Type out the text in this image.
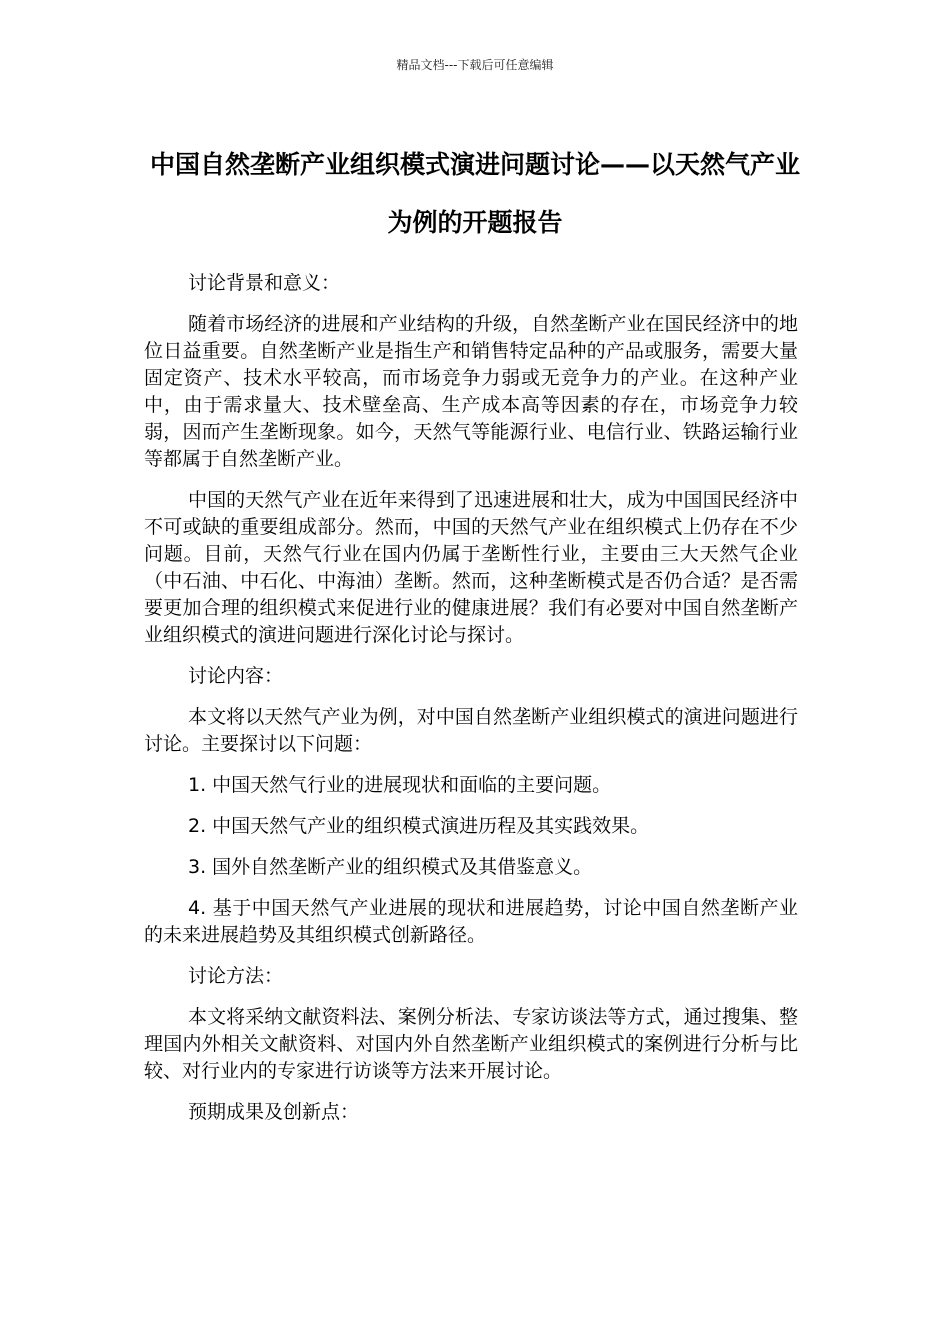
精品文档---下载后可任意编辑
中国自然垄断产业组织模式演进问题讨论——以天然气产业为例的开题报告

讨论背景和意义：

随着市场经济的进展和产业结构的升级，自然垄断产业在国民经济中的地位日益重要。自然垄断产业是指生产和销售特定品种的产品或服务，需要大量固定资产、技术水平较高，而市场竞争力弱或无竞争力的产业。在这种产业中，由于需求量大、技术壁垒高、生产成本高等因素的存在，市场竞争力较弱，因而产生垄断现象。如今，天然气等能源行业、电信行业、铁路运输行业等都属于自然垄断产业。

中国的天然气产业在近年来得到了迅速进展和壮大，成为中国国民经济中不可或缺的重要组成部分。然而，中国的天然气产业在组织模式上仍存在不少问题。目前，天然气行业在国内仍属于垄断性行业，主要由三大天然气企业（中石油、中石化、中海油）垄断。然而，这种垄断模式是否仍合适？是否需要更加合理的组织模式来促进行业的健康进展？我们有必要对中国自然垄断产业组织模式的演进问题进行深化讨论与探讨。

讨论内容：

本文将以天然气产业为例，对中国自然垄断产业组织模式的演进问题进行讨论。主要探讨以下问题：

1. 中国天然气行业的进展现状和面临的主要问题。

2. 中国天然气产业的组织模式演进历程及其实践效果。

3. 国外自然垄断产业的组织模式及其借鉴意义。

4. 基于中国天然气产业进展的现状和进展趋势，讨论中国自然垄断产业的未来进展趋势及其组织模式创新路径。

讨论方法：

本文将采纳文献资料法、案例分析法、专家访谈法等方式，通过搜集、整理国内外相关文献资料、对国内外自然垄断产业组织模式的案例进行分析与比较、对行业内的专家进行访谈等方法来开展讨论。

预期成果及创新点：
